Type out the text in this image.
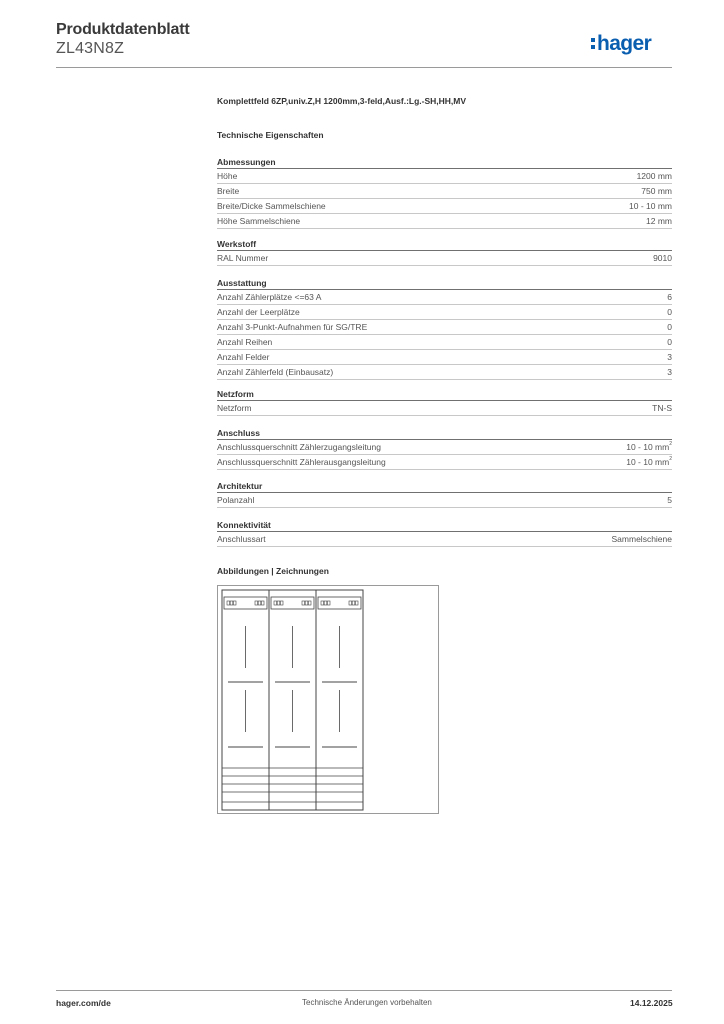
Produktdatenblatt
ZL43N8Z	hager
Komplettfeld 6ZP,univ.Z,H 1200mm,3-feld,Ausf.:Lg.-SH,HH,MV
Technische Eigenschaften
Abmessungen
Höhe	1200 mm
Breite	750 mm
Breite/Dicke Sammelschiene	10 - 10 mm
Höhe Sammelschiene	12 mm
Werkstoff
RAL Nummer	9010
Ausstattung
Anzahl Zählerplätze <=63 A	6
Anzahl der Leerplätze	0
Anzahl 3-Punkt-Aufnahmen für SG/TRE	0
Anzahl Reihen	0
Anzahl Felder	3
Anzahl Zählerfeld (Einbausatz)	3
Netzform
Netzform	TN-S
Anschluss
Anschlussquerschnitt Zählerzugangsleitung	10 - 10 $mm^2$
Anschlussquerschnitt Zählerausgangsleitung	10 - 10 $mm^2$
Architektur
Polanzahl	5
Konnektivität
Anschlussart	Sammelschiene
Abbildungen | Zeichnungen
hager.com/de	Technische Änderungen vorbehalten	14.12.2025
